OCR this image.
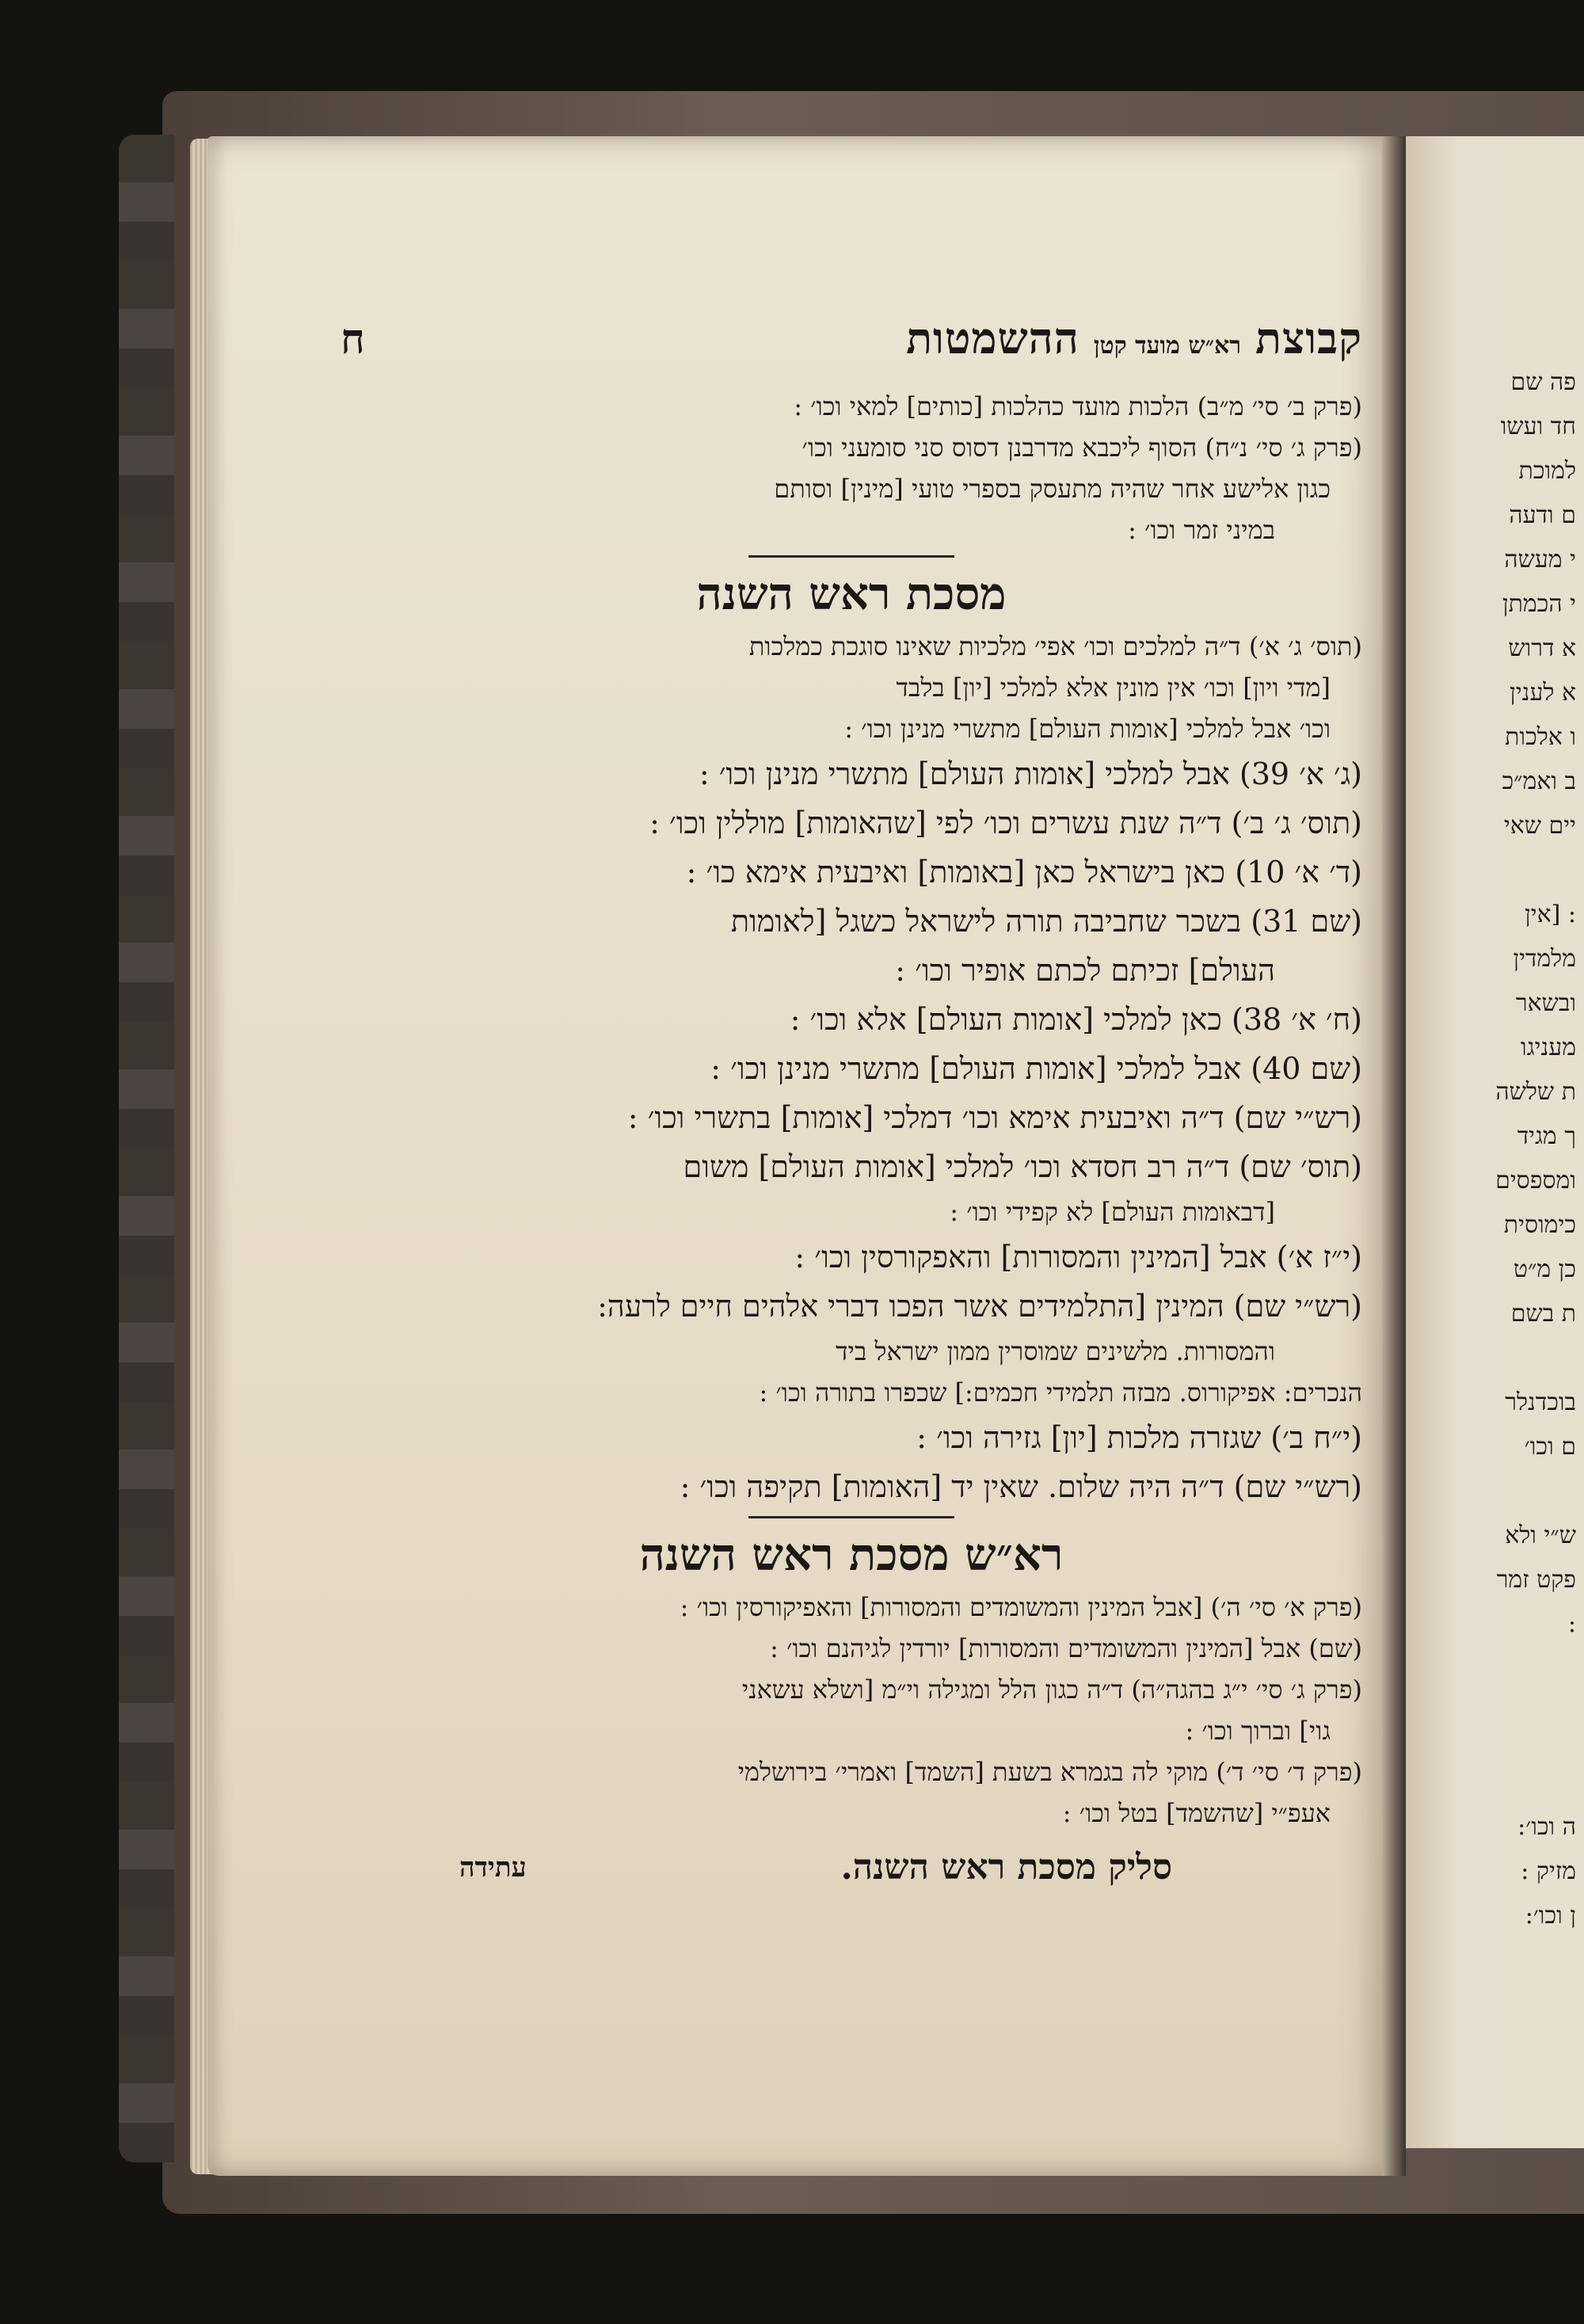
קבוצת
רא״ש מועד קטן
ההשמטות
ח
(פרק ב׳ סי׳ מ״ב) הלכות מועד כהלכות [כותים] למאי וכו׳ :
(פרק ג׳ סי׳ נ״ח) הסוף ליכבא מדרבנן דסוס סני סומעני וכו׳
כגון אלישע אחר שהיה מתעסק בספרי טועי [מינין] וסותם
במיני זמר וכו׳ :
מסכת ראש השנה
(תוס׳ ג׳ א׳) ד״ה למלכים וכו׳ אפי׳ מלכיות שאינו סוגכת כמלכות
[מדי ויון] וכו׳ אין מונין אלא למלכי [יון] בלבד
וכו׳ אבל למלכי [אומות העולם] מתשרי מנינן וכו׳ :
(ג׳ א׳ 39) אבל למלכי [אומות העולם] מתשרי מנינן וכו׳ :
(תוס׳ ג׳ ב׳) ד״ה שנת עשרים וכו׳ לפי [שהאומות] מוללין וכו׳ :
(ד׳ א׳ 10) כאן בישראל כאן [באומות] ואיבעית אימא כו׳ :
(שם 31) בשכר שחביבה תורה לישראל כשגל [לאומות
העולם] זכיתם לכתם אופיר וכו׳ :
(ח׳ א׳ 38) כאן למלכי [אומות העולם] אלא וכו׳ :
(שם 40) אבל למלכי [אומות העולם] מתשרי מנינן וכו׳ :
(רש״י שם) ד״ה ואיבעית אימא וכו׳ דמלכי [אומות] בתשרי וכו׳ :
(תוס׳ שם) ד״ה רב חסדא וכו׳ למלכי [אומות העולם] משום
[דבאומות העולם] לא קפידי וכו׳ :
(י״ז א׳) אבל [המינין והמסורות] והאפקורסין וכו׳ :
(רש״י שם) המינין [התלמידים אשר הפכו דברי אלהים חיים לרעה:
והמסורות. מלשינים שמוסרין ממון ישראל ביד
הנכרים: אפיקורוס. מבזה תלמידי חכמים:] שכפרו בתורה וכו׳ :
(י״ח ב׳) שגזרה מלכות [יון] גזירה וכו׳ :
(רש״י שם) ד״ה היה שלום. שאין יד [האומות] תקיפה וכו׳ :
רא״ש מסכת ראש השנה
(פרק א׳ סי׳ ה׳) [אבל המינין והמשומדים והמסורות] והאפיקורסין וכו׳ :
(שם) אבל [המינין והמשומדים והמסורות] יורדין לגיהנם וכו׳ :
(פרק ג׳ סי׳ י״ג בהגה״ה) ד״ה כגון הלל ומגילה וי״מ [ושלא עשאני
גוי] וברוך וכו׳ :
(פרק ד׳ סי׳ ד׳) מוקי לה בגמרא בשעת [השמד] ואמרי׳ בירושלמי
אעפ״י [שהשמד] בטל וכו׳ :
סליק מסכת ראש השנה.
עתידה
פה שם
חד ועשו
למוכת
ם ודעה
י מעשה
י הכמתן
א דרוש
א לענין
ו אלכות
ב ואמ״כ
יים שאי

: [אין
מלמדין
ובשאר
מעניגו
ת שלשה
ך מגיד
ומספסים
כימוסית
כן מ״ט
ת בשם

בוכדנלר
ם וכו׳

ש״י ולא
פקט זמר
:
ה וכו׳:
מזיק :
ן וכו׳:
